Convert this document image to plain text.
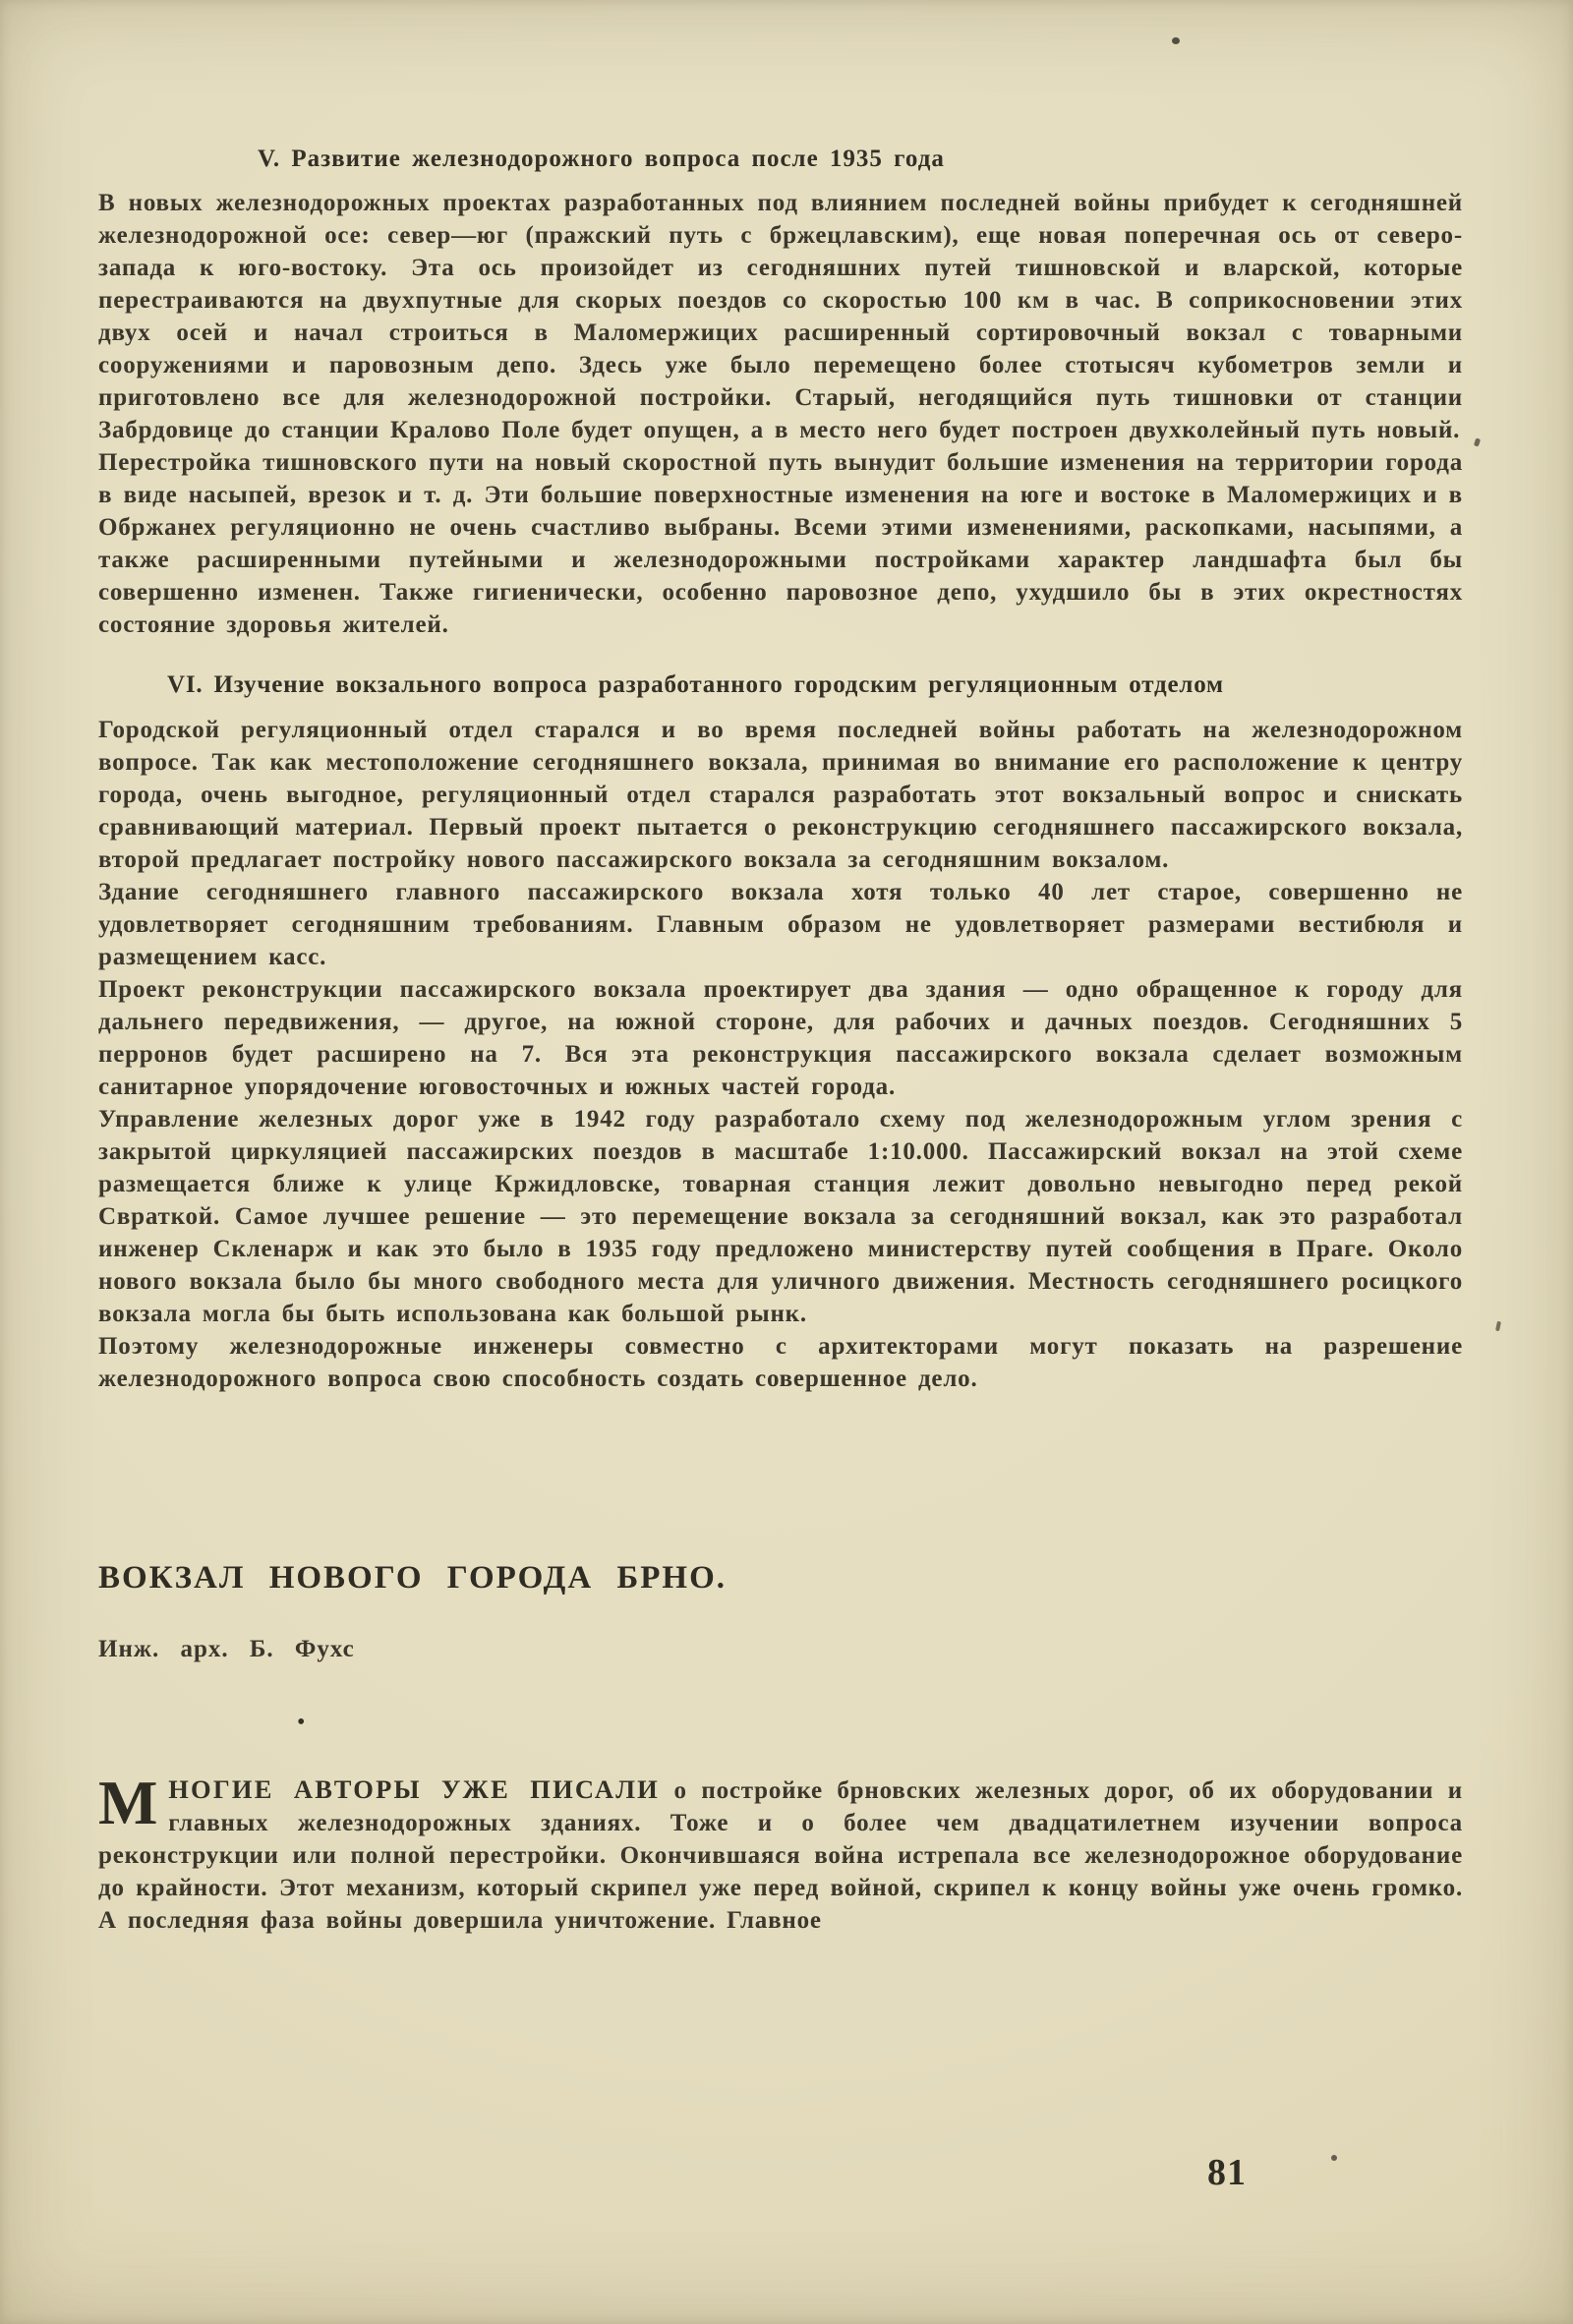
V. Развитие железнодорожного вопроса после 1935 года

В новых железнодорожных проектах разработанных под влиянием последней войны прибудет к сегодняшней железнодорожной осе: север—юг (пражский путь с бржецлавским), еще новая поперечная ось от северо-запада к юго-востоку. Эта ось произойдет из сегодняшних путей тишновской и вларской, которые перестраиваются на двухпутные для скорых поездов со скоростью 100 км в час. В соприкосновении этих двух осей и начал строиться в Маломержицих расширенный сортировочный вокзал с товарными сооружениями и паровозным депо. Здесь уже было перемещено более стотысяч кубометров земли и приготовлено все для железнодорожной постройки. Старый, негодящийся путь тишновки от станции Забрдовице до станции Кралово Поле будет опущен, а в место него будет построен двухколейный путь новый.

Перестройка тишновского пути на новый скоростной путь вынудит большие изменения на территории города в виде насыпей, врезок и т. д. Эти большие поверхностные изменения на юге и востоке в Маломержицих и в Обржанех регуляционно не очень счастливо выбраны. Всеми этими изменениями, раскопками, насыпями, а также расширенными путейными и железнодорожными постройками характер ландшафта был бы совершенно изменен. Также гигиенически, особенно паровозное депо, ухудшило бы в этих окрестностях состояние здоровья жителей.

VI. Изучение вокзального вопроса разработанного городским регуляционным отделом

Городской регуляционный отдел старался и во время последней войны работать на железнодорожном вопросе. Так как местоположение сегодняшнего вокзала, принимая во внимание его расположение к центру города, очень выгодное, регуляционный отдел старался разработать этот вокзальный вопрос и снискать сравнивающий материал. Первый проект пытается о реконструкцию сегодняшнего пассажирского вокзала, второй предлагает постройку нового пассажирского вокзала за сегодняшним вокзалом.

Здание сегодняшнего главного пассажирского вокзала хотя только 40 лет старое, совершенно не удовлетворяет сегодняшним требованиям. Главным образом не удовлетворяет размерами вестибюля и размещением касс.

Проект реконструкции пассажирского вокзала проектирует два здания — одно обращенное к городу для дальнего передвижения, — другое, на южной стороне, для рабочих и дачных поездов. Сегодняшних 5 перронов будет расширено на 7. Вся эта реконструкция пассажирского вокзала сделает возможным санитарное упорядочение юговосточных и южных частей города.

Управление железных дорог уже в 1942 году разработало схему под железнодорожным углом зрения с закрытой циркуляцией пассажирских поездов в масштабе 1:10.000. Пассажирский вокзал на этой схеме размещается ближе к улице Кржидловске, товарная станция лежит довольно невыгодно перед рекой Свраткой. Самое лучшее решение — это перемещение вокзала за сегодняшний вокзал, как это разработал инженер Скленарж и как это было в 1935 году предложено министерству путей сообщения в Праге. Около нового вокзала было бы много свободного места для уличного движения. Местность сегодняшнего росицкого вокзала могла бы быть использована как большой рынк.

Поэтому железнодорожные инженеры совместно с архитекторами могут показать на разрешение железнодорожного вопроса свою способность создать совершенное дело.

ВОКЗАЛ НОВОГО ГОРОДА БРНО.
Инж. арх. Б. Фухс
•

МНОГИЕ АВТОРЫ УЖЕ ПИСАЛИ о постройке брновских железных дорог, об их оборудовании и главных железнодорожных зданиях. Тоже и о более чем двадцатилетнем изучении вопроса реконструкции или полной перестройки. Окончившаяся война истрепала все железнодорожное оборудование до крайности. Этот механизм, который скрипел уже перед войной, скрипел к концу войны уже очень громко. А последняя фаза войны довершила уничтожение. Главное

81
